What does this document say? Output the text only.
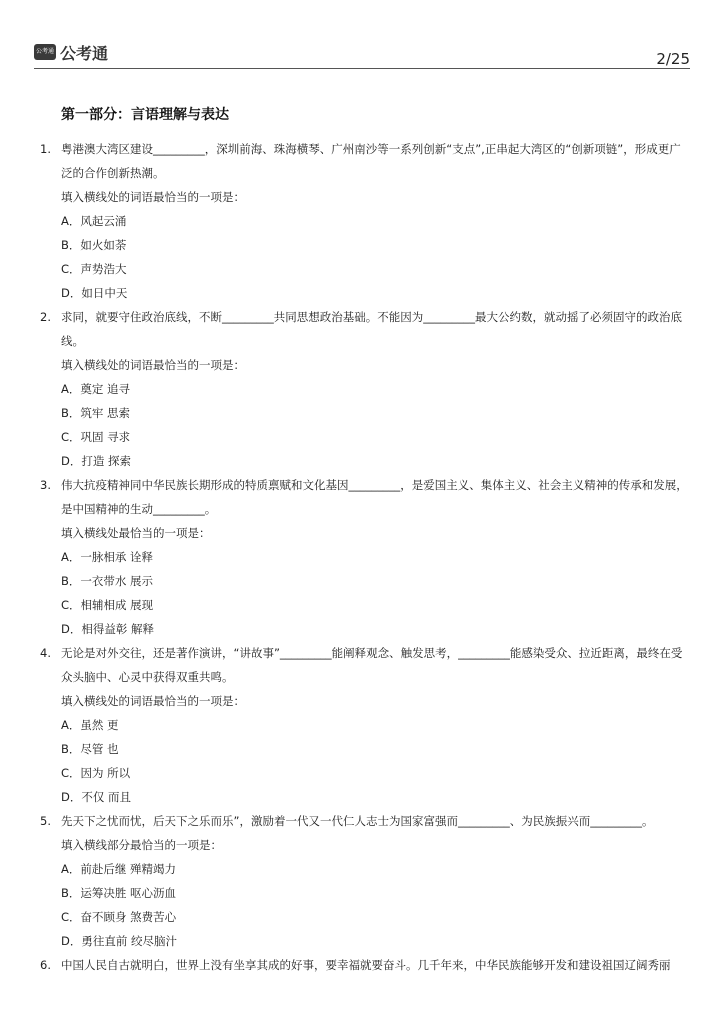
公考通 公考通	2/25
第一部分：言语理解与表达
1. 粤港澳大湾区建设_________，深圳前海、珠海横琴、广州南沙等一系列创新“支点”,正串起大湾区的“创新项链”，形成更广泛的合作创新热潮。
填入横线处的词语最恰当的一项是：
A．风起云涌
B．如火如荼
C．声势浩大
D．如日中天
2. 求同，就要守住政治底线，不断_________共同思想政治基础。不能因为_________最大公约数，就动摇了必须固守的政治底线。
填入横线处的词语最恰当的一项是：
A．奠定 追寻
B．筑牢 思索
C．巩固 寻求
D．打造 探索
3. 伟大抗疫精神同中华民族长期形成的特质禀赋和文化基因_________，是爱国主义、集体主义、社会主义精神的传承和发展，是中国精神的生动_________。
填入横线处最恰当的一项是：
A．一脉相承 诠释
B．一衣带水 展示
C．相辅相成 展现
D．相得益彰 解释
4. 无论是对外交往，还是著作演讲，“讲故事”_________能阐释观念、触发思考，_________能感染受众、拉近距离，最终在受众头脑中、心灵中获得双重共鸣。
填入横线处的词语最恰当的一项是：
A．虽然 更
B．尽管 也
C．因为 所以
D．不仅 而且
5. 先天下之忧而忧，后天下之乐而乐”，激励着一代又一代仁人志士为国家富强而_________、为民族振兴而_________。
填入横线部分最恰当的一项是：
A．前赴后继 殚精竭力
B．运筹决胜 呕心沥血
C．奋不顾身 煞费苦心
D．勇往直前 绞尽脑汁
6. 中国人民自古就明白，世界上没有坐享其成的好事，要幸福就要奋斗。几千年来，中华民族能够开发和建设祖国辽阔秀丽
